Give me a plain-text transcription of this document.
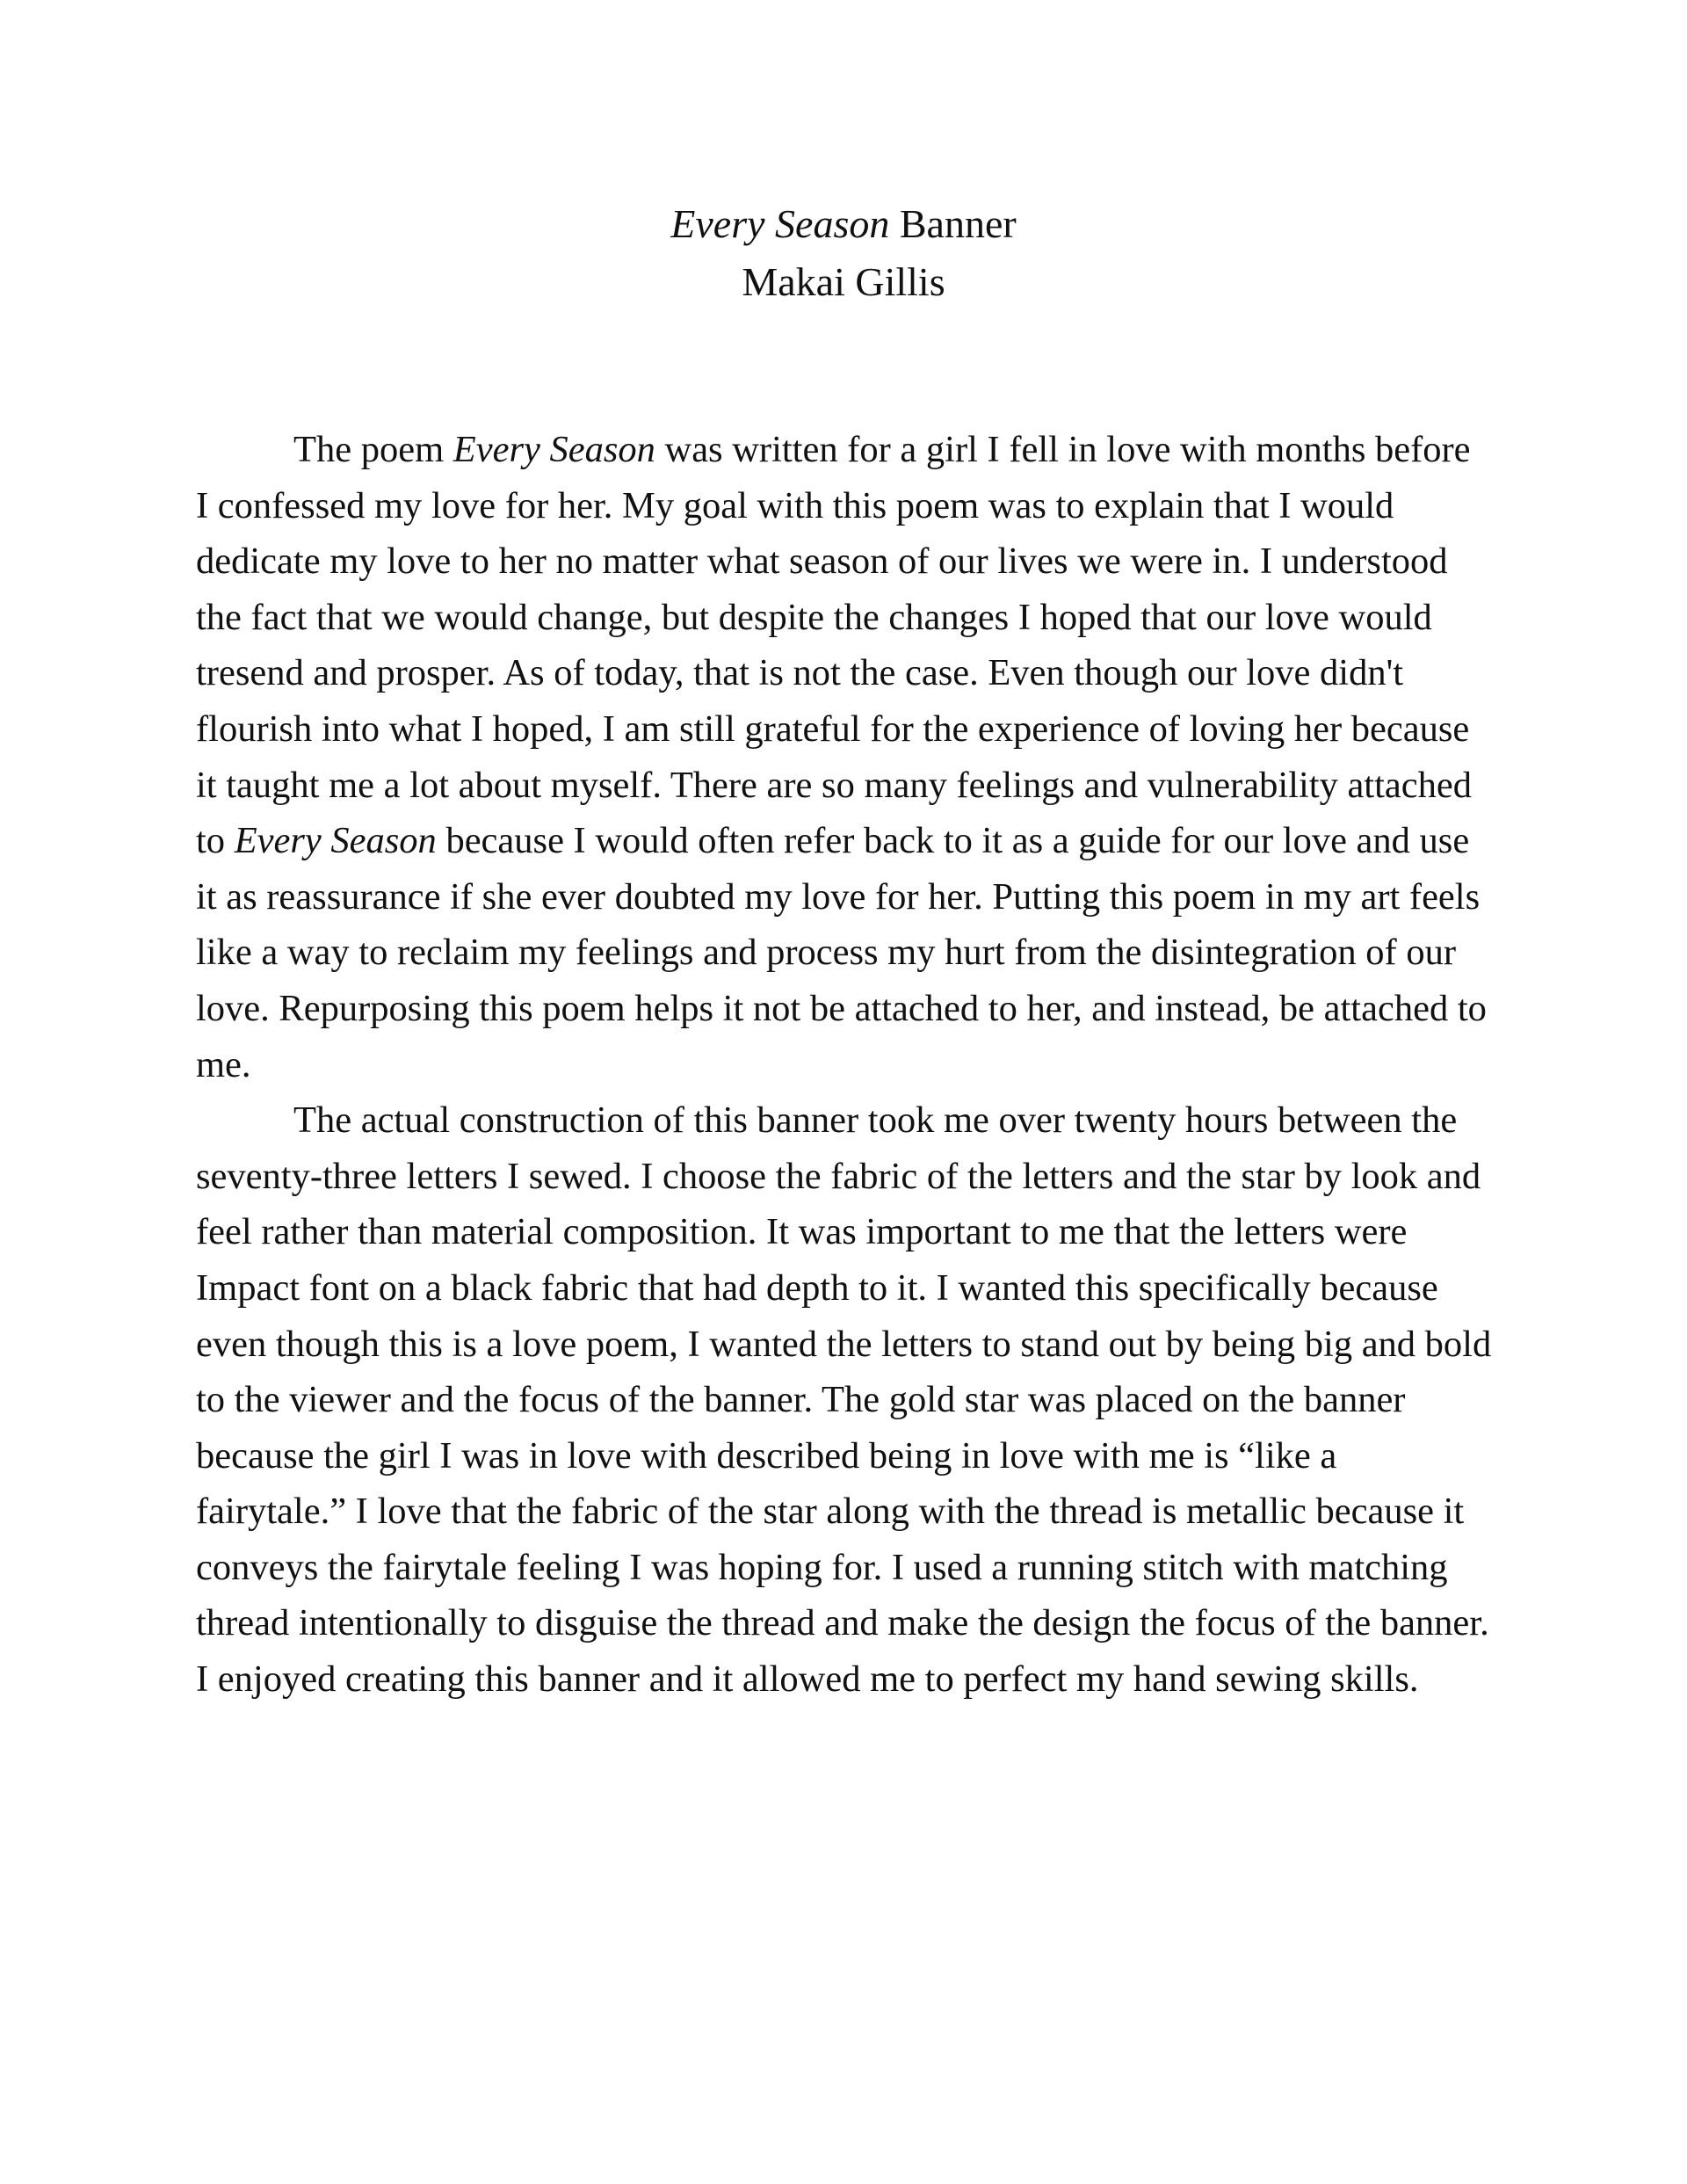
Every Season Banner
Makai Gillis

The poem Every Season was written for a girl I fell in love with months before I confessed my love for her. My goal with this poem was to explain that I would dedicate my love to her no matter what season of our lives we were in. I understood the fact that we would change, but despite the changes I hoped that our love would tresend and prosper. As of today, that is not the case. Even though our love didn't flourish into what I hoped, I am still grateful for the experience of loving her because it taught me a lot about myself. There are so many feelings and vulnerability attached to Every Season because I would often refer back to it as a guide for our love and use it as reassurance if she ever doubted my love for her. Putting this poem in my art feels like a way to reclaim my feelings and process my hurt from the disintegration of our love. Repurposing this poem helps it not be attached to her, and instead, be attached to me.

The actual construction of this banner took me over twenty hours between the seventy-three letters I sewed. I choose the fabric of the letters and the star by look and feel rather than material composition. It was important to me that the letters were Impact font on a black fabric that had depth to it. I wanted this specifically because even though this is a love poem, I wanted the letters to stand out by being big and bold to the viewer and the focus of the banner. The gold star was placed on the banner because the girl I was in love with described being in love with me is “like a fairytale.” I love that the fabric of the star along with the thread is metallic because it conveys the fairytale feeling I was hoping for. I used a running stitch with matching thread intentionally to disguise the thread and make the design the focus of the banner. I enjoyed creating this banner and it allowed me to perfect my hand sewing skills.
